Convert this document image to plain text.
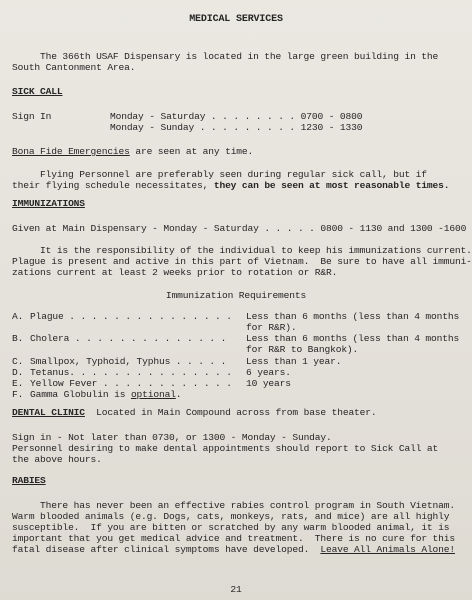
MEDICAL SERVICES
The 366th USAF Dispensary is located in the large green building in the
South Cantonment Area.
SICK CALL
Sign In	Monday - Saturday . . . . . . . . 0700 - 0800
Monday - Sunday . . . . . . . . . 1230 - 1330
Bona Fide Emergencies are seen at any time.
Flying Personnel are preferably seen during regular sick call, but if
their flying schedule necessitates, they can be seen at most reasonable times.
IMMUNIZATIONS
Given at Main Dispensary - Monday - Saturday . . . . . 0800 - 1130 and 1300 -1600
It is the responsibility of the individual to keep his immunizations current.
Plague is present and active in this part of Vietnam.  Be sure to have all immuni-
zations current at least 2 weeks prior to rotation or R&R.
Immunization Requirements
A. Plague . . . . . . . . . . . . . . . Less than 6 months (less than 4 months
for R&R).
B. Cholera . . . . . . . . . . . . . . Less than 6 months (less than 4 months
for R&R to Bangkok).
C. Smallpox, Typhoid, Typhus . . . . . Less than 1 year.
D. Tetanus. . . . . . . . . . . . . . . 6 years.
E. Yellow Fever . . . . . . . . . . . . 10 years
F. Gamma Globulin is optional.
DENTAL CLINIC  Located in Main Compound across from base theater.
Sign in - Not later than 0730, or 1300 - Monday - Sunday.
Personnel desiring to make dental appointments should report to Sick Call at
the above hours.
RABIES
There has never been an effective rabies control program in South Vietnam.
Warm blooded animals (e.g. Dogs, cats, monkeys, rats, and mice) are all highly
susceptible.  If you are bitten or scratched by any warm blooded animal, it is
important that you get medical advice and treatment.  There is no cure for this
fatal disease after clinical symptoms have developed.  Leave All Animals Alone!
21
